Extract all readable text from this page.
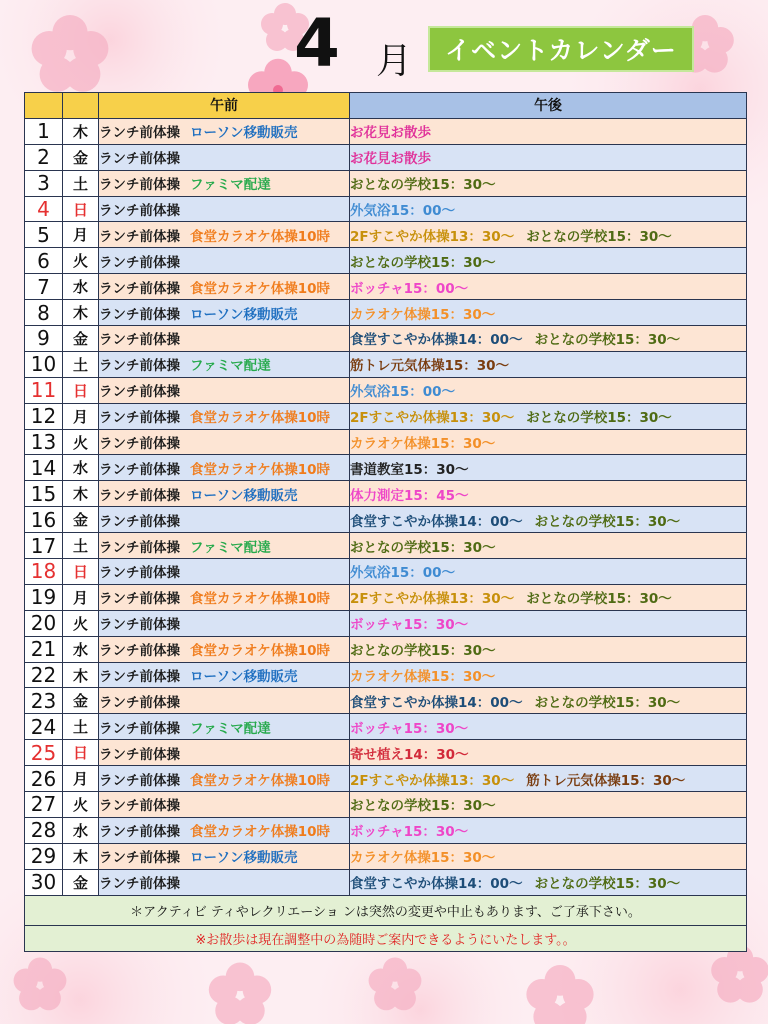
4 月	イベントカレンダー
		午前	午後
1	木	ランチ前体操 ローソン移動販売	お花見お散歩
2	金	ランチ前体操	お花見お散歩
3	土	ランチ前体操 ファミマ配達	おとなの学校15：30～
4	日	ランチ前体操	外気浴15：00～
5	月	ランチ前体操 食堂カラオケ体操10時	2Fすこやか体操13：30～ おとなの学校15：30～
6	火	ランチ前体操	おとなの学校15：30～
7	水	ランチ前体操 食堂カラオケ体操10時	ボッチャ15：00～
8	木	ランチ前体操 ローソン移動販売	カラオケ体操15：30～
9	金	ランチ前体操	食堂すこやか体操14：00～ おとなの学校15：30～
10	土	ランチ前体操 ファミマ配達	筋トレ元気体操15：30～
11	日	ランチ前体操	外気浴15：00～
12	月	ランチ前体操 食堂カラオケ体操10時	2Fすこやか体操13：30～ おとなの学校15：30～
13	火	ランチ前体操	カラオケ体操15：30～
14	水	ランチ前体操 食堂カラオケ体操10時	書道教室15：30～
15	木	ランチ前体操 ローソン移動販売	体力測定15：45～
16	金	ランチ前体操	食堂すこやか体操14：00～ おとなの学校15：30～
17	土	ランチ前体操 ファミマ配達	おとなの学校15：30～
18	日	ランチ前体操	外気浴15：00～
19	月	ランチ前体操 食堂カラオケ体操10時	2Fすこやか体操13：30～ おとなの学校15：30～
20	火	ランチ前体操	ボッチャ15：30～
21	水	ランチ前体操 食堂カラオケ体操10時	おとなの学校15：30～
22	木	ランチ前体操 ローソン移動販売	カラオケ体操15：30～
23	金	ランチ前体操	食堂すこやか体操14：00～ おとなの学校15：30～
24	土	ランチ前体操 ファミマ配達	ボッチャ15：30～
25	日	ランチ前体操	寄せ植え14：30～
26	月	ランチ前体操 食堂カラオケ体操10時	2Fすこやか体操13：30～ 筋トレ元気体操15：30～
27	火	ランチ前体操	おとなの学校15：30～
28	水	ランチ前体操 食堂カラオケ体操10時	ボッチャ15：30～
29	木	ランチ前体操 ローソン移動販売	カラオケ体操15：30～
30	金	ランチ前体操	食堂すこやか体操14：00～ おとなの学校15：30～
＊アクティビ ティやレクリエーショ ンは突然の変更や中止もあります、ご了承下さい。			
※お散歩は現在調整中の為随時ご案内できるようにいたします。。			
